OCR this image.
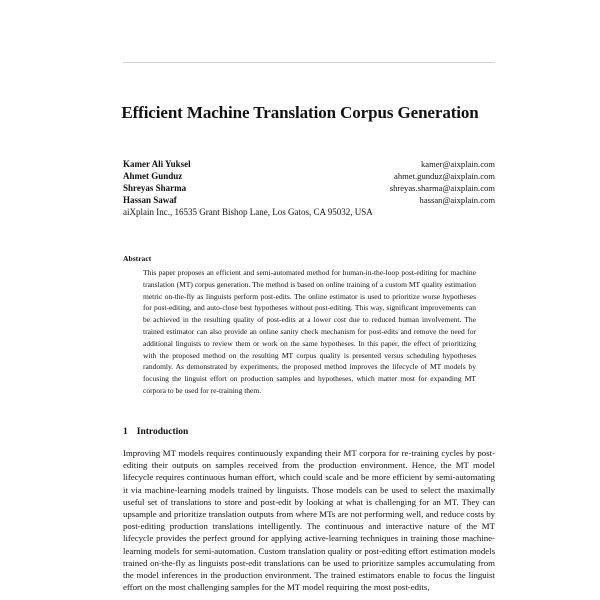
Efficient Machine Translation Corpus Generation
Kamer Ali Yuksel	kamer@aixplain.com
Ahmet Gunduz	ahmet.gunduz@aixplain.com
Shreyas Sharma	shreyas.sharma@aixplain.com
Hassan Sawaf	hassan@aixplain.com
aiXplain Inc., 16535 Grant Bishop Lane, Los Gatos, CA 95032, USA
Abstract
This paper proposes an efficient and semi-automated method for human-in-the-loop post-editing for machine translation (MT) corpus generation. The method is based on online training of a custom MT quality estimation metric on-the-fly as linguists perform post-edits. The online estimator is used to prioritize worse hypotheses for post-editing, and auto-close best hypotheses without post-editing. This way, significant improvements can be achieved in the resulting quality of post-edits at a lower cost due to reduced human involvement. The trained estimator can also provide an online sanity check mechanism for post-edits and remove the need for additional linguists to review them or work on the same hypotheses. In this paper, the effect of prioritizing with the proposed method on the resulting MT corpus quality is presented versus scheduling hypotheses randomly. As demonstrated by experiments, the proposed method improves the lifecycle of MT models by focusing the linguist effort on production samples and hypotheses, which matter most for expanding MT corpora to be used for re-training them.
1 Introduction
Improving MT models requires continuously expanding their MT corpora for re-training cycles by post-editing their outputs on samples received from the production environment. Hence, the MT model lifecycle requires continuous human effort, which could scale and be more efficient by semi-automating it via machine-learning models trained by linguists. Those models can be used to select the maximally useful set of translations to store and post-edit by looking at what is challenging for an MT. They can upsample and prioritize translation outputs from where MTs are not performing well, and reduce costs by post-editing production translations intelligently. The continuous and interactive nature of the MT lifecycle provides the perfect ground for applying active-learning techniques in training those machine-learning models for semi-automation. Custom translation quality or post-editing effort estimation models trained on-the-fly as linguists post-edit translations can be used to prioritize samples accumulating from the model inferences in the production environment. The trained estimators enable to focus the linguist effort on the most challenging samples for the MT model requiring the most post-edits,
